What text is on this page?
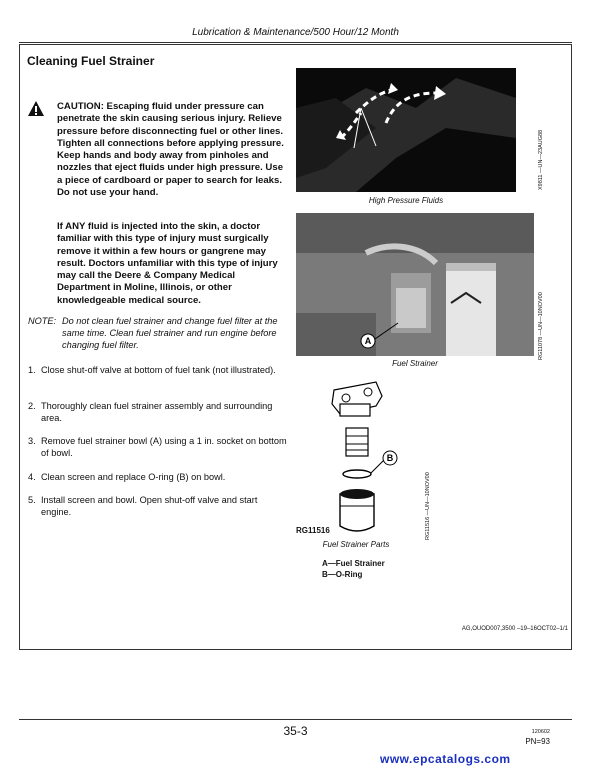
Lubrication & Maintenance/500 Hour/12 Month
Cleaning Fuel Strainer

CAUTION: Escaping fluid under pressure can penetrate the skin causing serious injury. Relieve pressure before disconnecting fuel or other lines. Tighten all connections before applying pressure. Keep hands and body away from pinholes and nozzles that eject fluids under high pressure. Use a piece of cardboard or paper to search for leaks. Do not use your hand.

If ANY fluid is injected into the skin, a doctor familiar with this type of injury must surgically remove it within a few hours or gangrene may result. Doctors unfamiliar with this type of injury may call the Deere & Company Medical Department in Moline, Illinois, or other knowledgeable medical source.

NOTE: Do not clean fuel strainer and change fuel filter at the same time. Clean fuel strainer and run engine before changing fuel filter.
1. Close shut-off valve at bottom of fuel tank (not illustrated).
2. Thoroughly clean fuel strainer assembly and surrounding area.
3. Remove fuel strainer bowl (A) using a 1 in. socket on bottom of bowl.
4. Clean screen and replace O-ring (B) on bowl.
5. Install screen and bowl. Open shut-off valve and start engine.
High Pressure Fluids
X9811 —UN—23AUG88
A
Fuel Strainer
RG11078 —UN—10NOV00
B
RG11516
Fuel Strainer Parts
RG11516 —UN—10NOV00
A—Fuel Strainer
B—O-Ring
AG,OUOD007,3500 –19–16OCT02–1/1
35-3	120602
PN=93
www.epcatalogs.com
